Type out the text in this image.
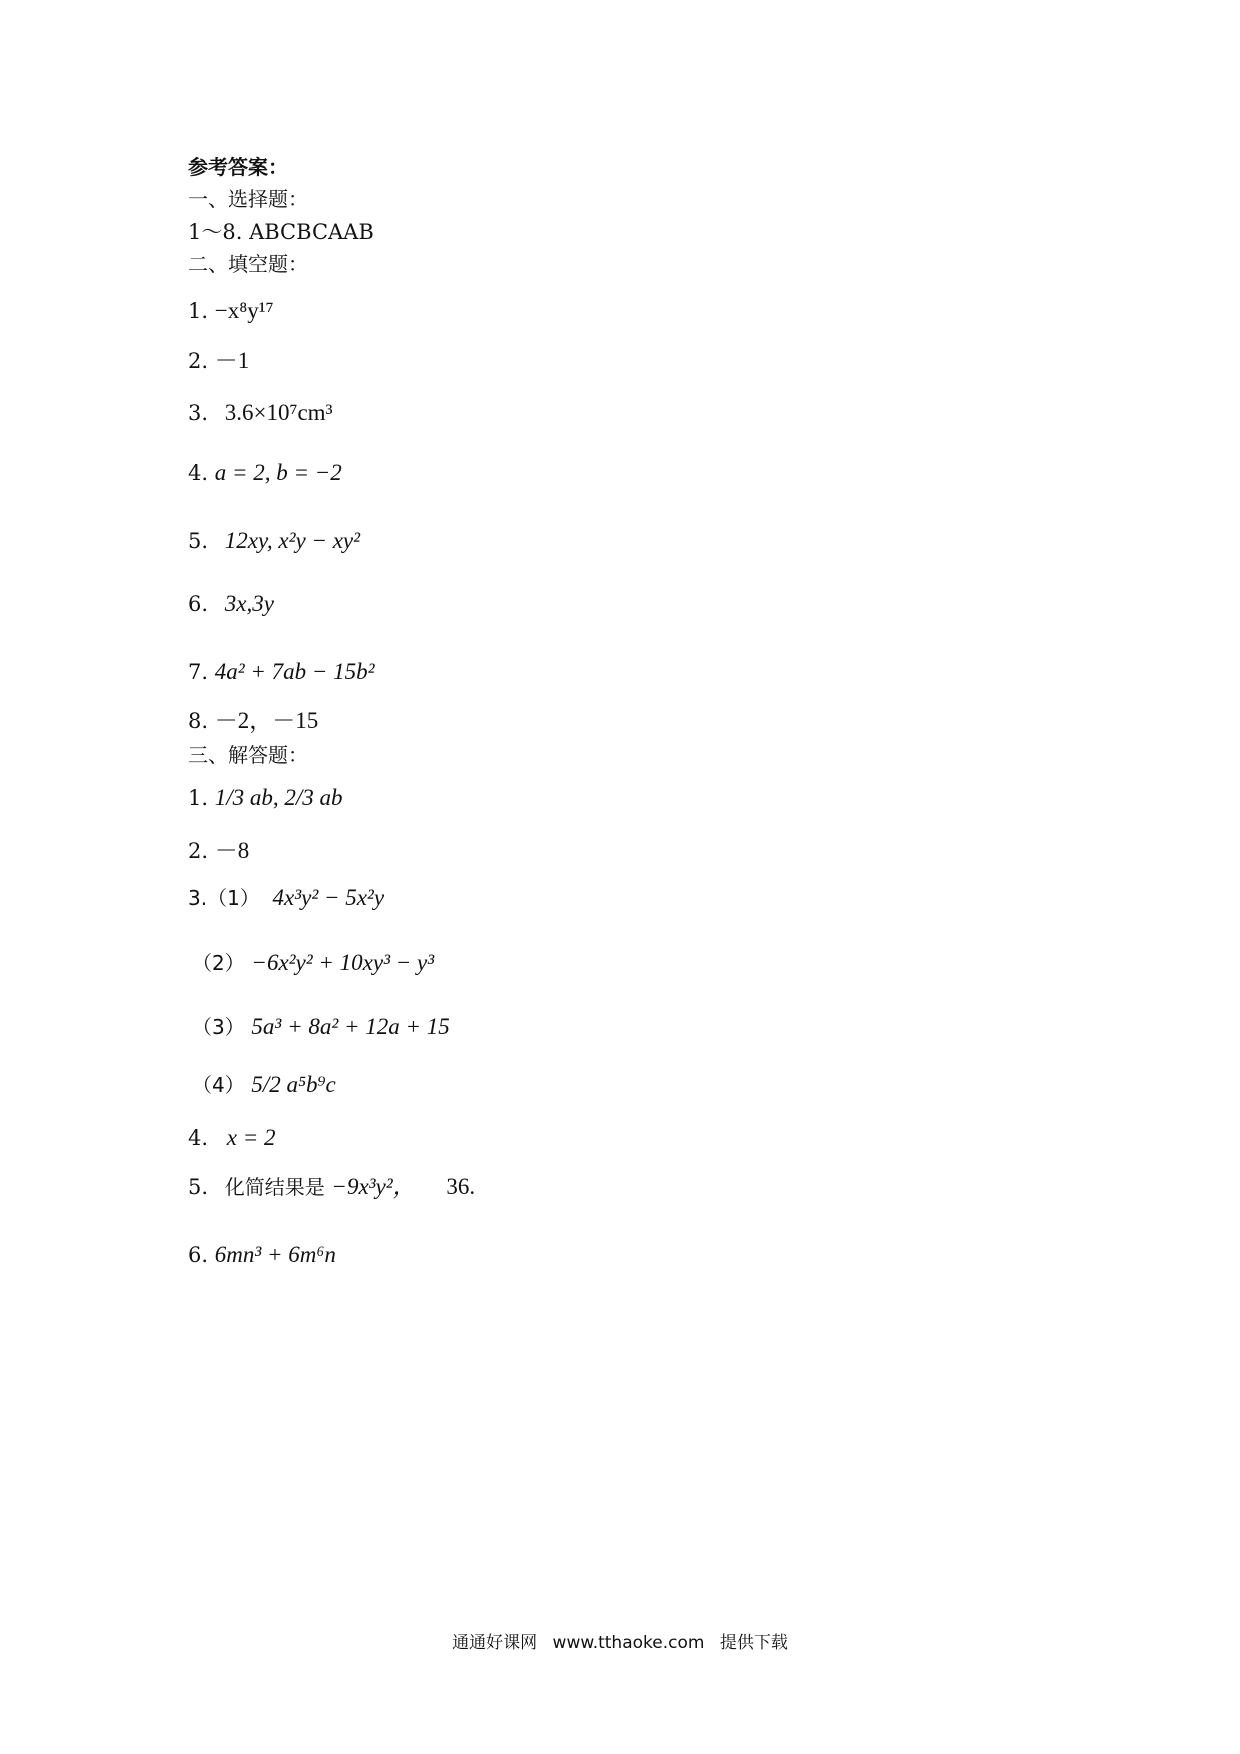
参考答案：
一、选择题：
1～8. ABCBCAAB
二、填空题：
1. −x⁸y¹⁷
2. －1
3. 3.6×10⁷cm³
4. a = 2, b = −2
5. 12xy, x²y − xy²
6. 3x,3y
7. 4a² + 7ab − 15b²
8. －2，－15
三、解答题：
1. 1/3 ab, 2/3 ab
2. －8
3.（1） 4x³y² − 5x²y
（2） −6x²y² + 10xy³ − y³
（3） 5a³ + 8a² + 12a + 15
（4） 5/2 a⁵b⁹c
4. x = 2
5. 化简结果是 −9x³y²， 36.
6. 6mn³ + 6m⁶n
通通好课网 www.tthaoke.com 提供下载
